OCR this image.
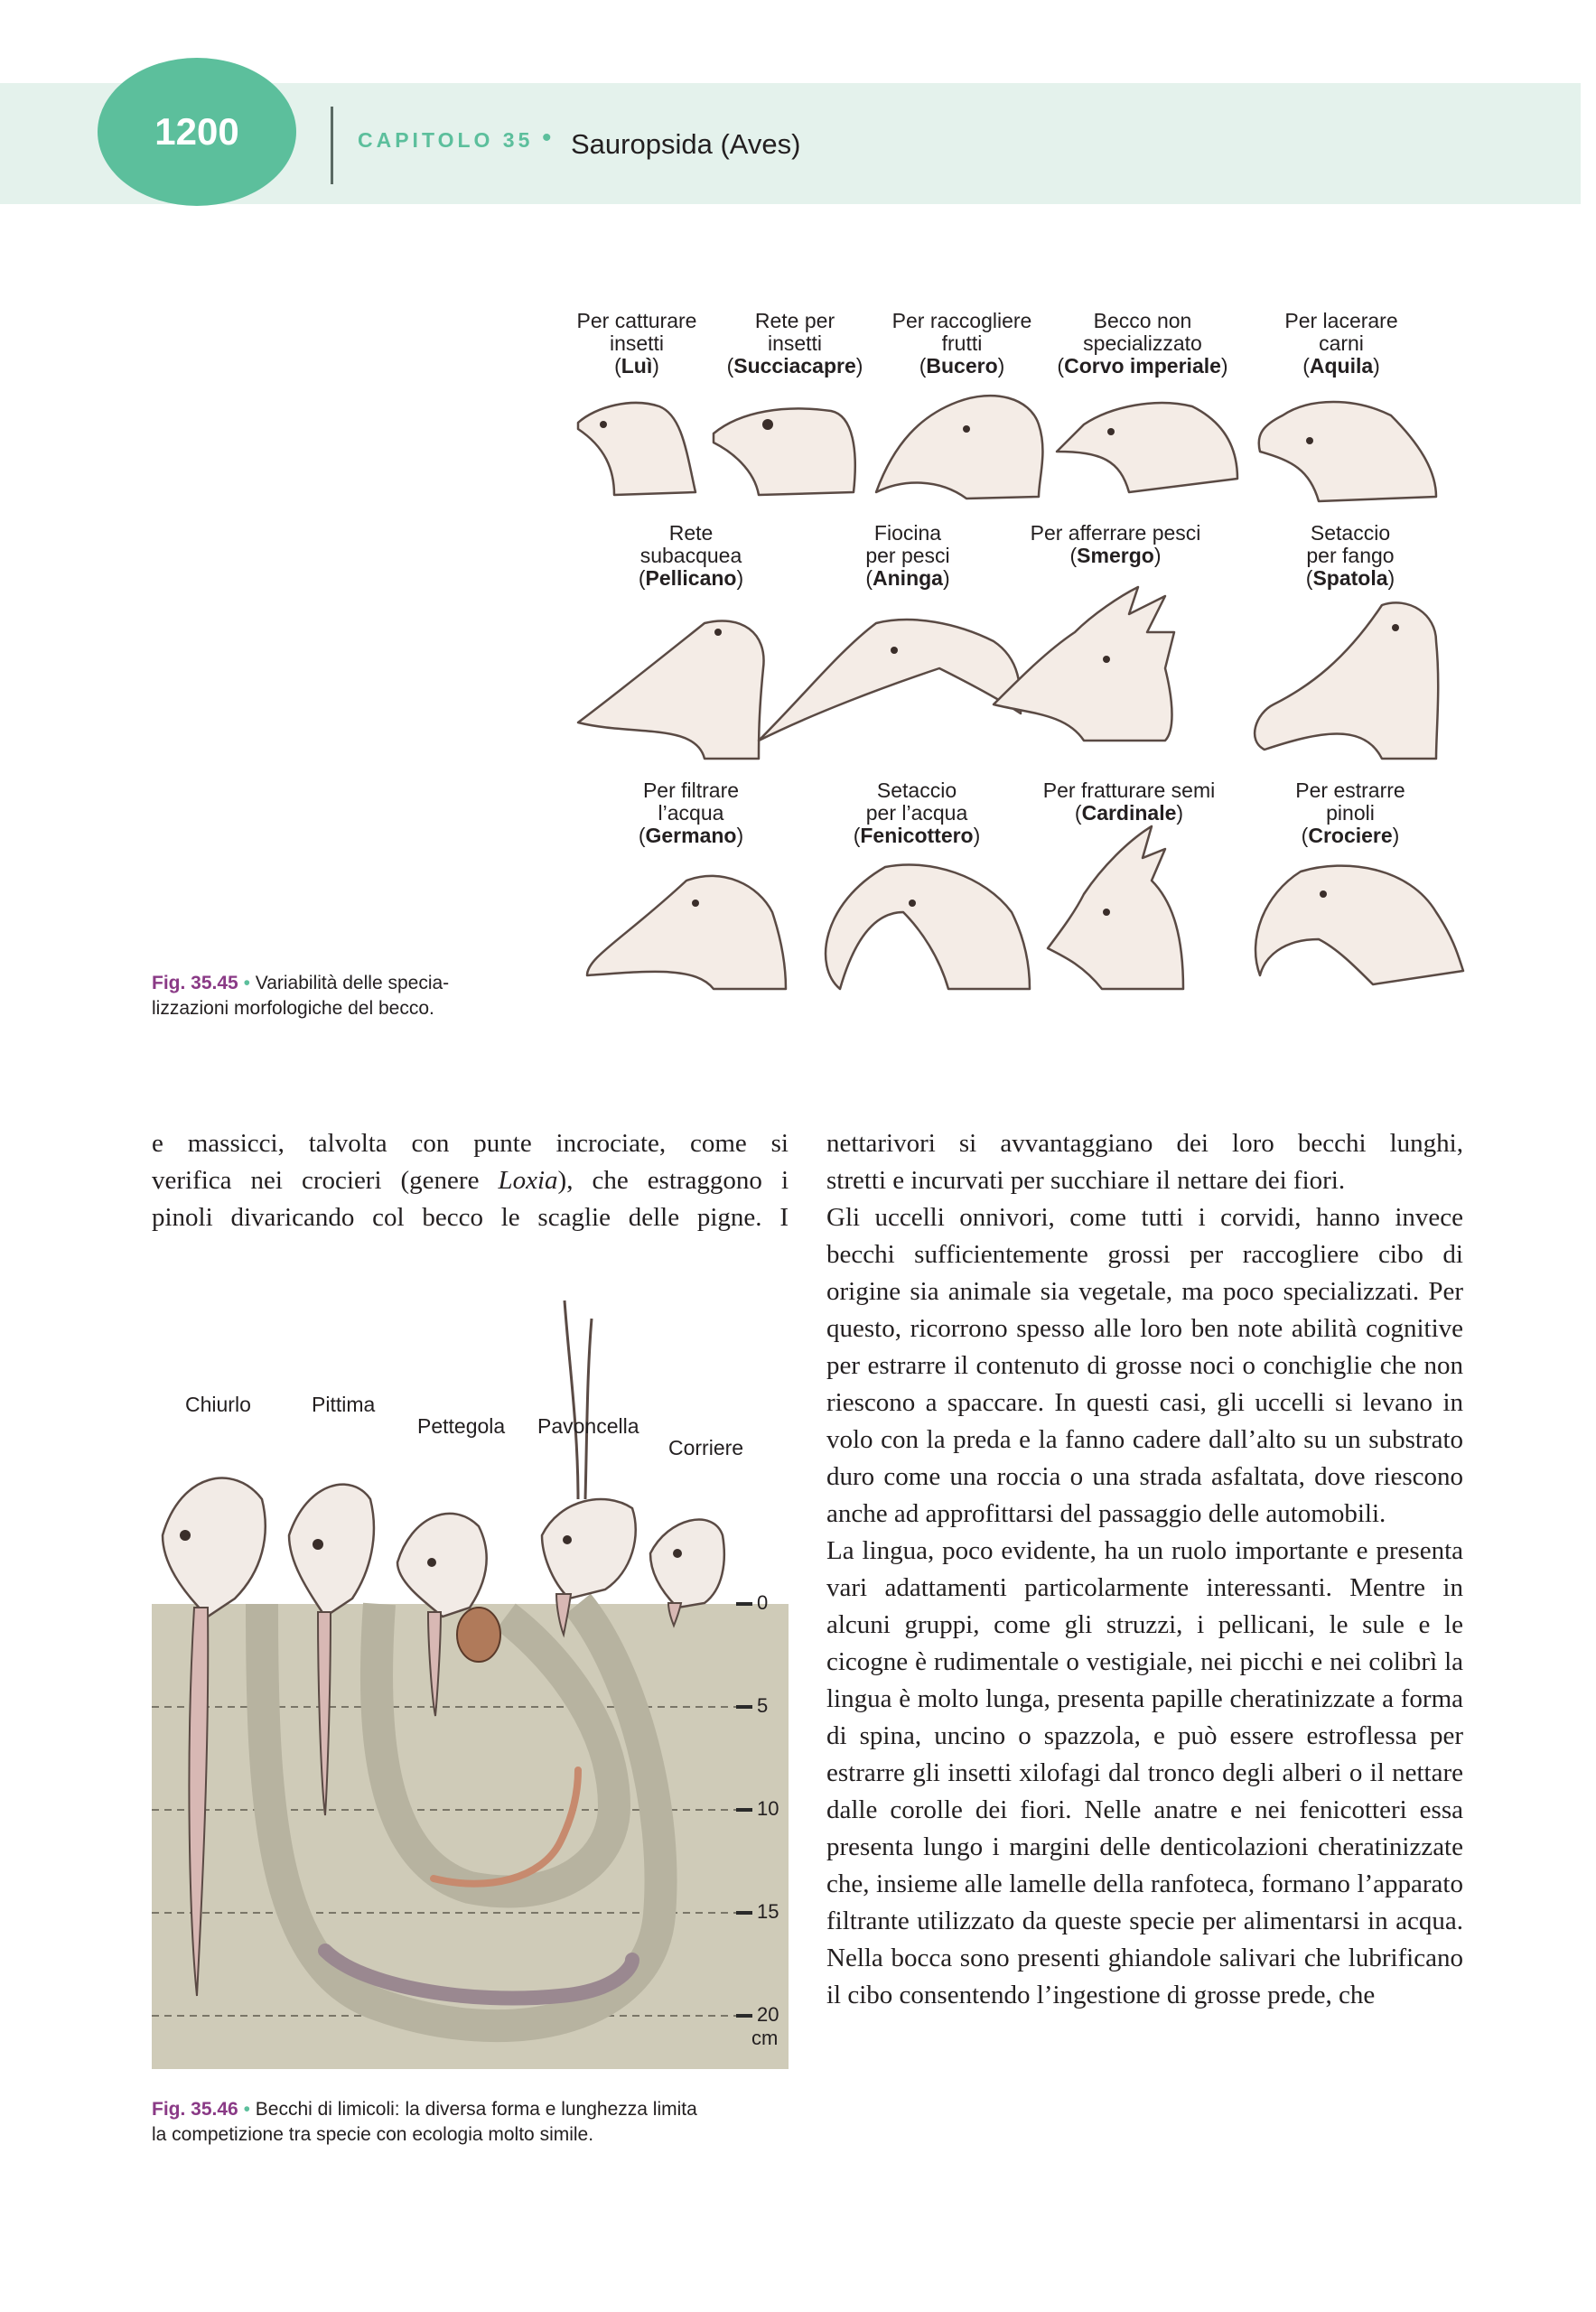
1200	CAPITOLO 35 • Sauropsida (Aves)
Per catturare
insetti
(Luì)
Rete per
insetti
(Succiacapre)
Per raccogliere
frutti
(Bucero)
Becco non
specializzato
(Corvo imperiale)
Per lacerare
carni
(Aquila)
Rete
subacquea
(Pellicano)
Fiocina
per pesci
(Aninga)
Per afferrare pesci
(Smergo)
Setaccio
per fango
(Spatola)
Per filtrare
l’acqua
(Germano)
Setaccio
per l’acqua
(Fenicottero)
Per fratturare semi
(Cardinale)
Per estrarre
pinoli
(Crociere)
Fig. 35.45 • Variabilità delle specia-
lizzazioni morfologiche del becco.

e massicci, talvolta con punte incrociate, come si

verifica nei crocieri (genere Loxia), che estraggono i

pinoli divaricando col becco le scaglie delle pigne. I

Chiurlo	Pittima
Pettegola Pavoncella
Corriere
0
5
10
15
20
cm
Fig. 35.46 • Becchi di limicoli: la diversa forma e lunghezza limita
la competizione tra specie con ecologia molto simile.

nettarivori si avvantaggiano dei loro becchi lunghi,

stretti e incurvati per succhiare il nettare dei fiori.

Gli uccelli onnivori, come tutti i corvidi, hanno invece becchi sufficientemente grossi per raccogliere cibo di origine sia animale sia vegetale, ma poco specializzati. Per questo, ricorrono spesso alle loro ben note abilità cognitive per estrarre il contenuto di grosse noci o conchiglie che non riescono a spaccare. In questi casi, gli uccelli si levano in volo con la preda e la fanno cadere dall’alto su un substrato duro come una roccia o una strada asfaltata, dove riescono anche ad approfittarsi del passaggio delle automobili.

La lingua, poco evidente, ha un ruolo importante e presenta vari adattamenti particolarmente interessanti. Mentre in alcuni gruppi, come gli struzzi, i pellicani, le sule e le cicogne è rudimentale o vestigiale, nei picchi e nei colibrì la lingua è molto lunga, presenta papille cheratinizzate a forma di spina, uncino o spazzola, e può essere estroflessa per estrarre gli insetti xilofagi dal tronco degli alberi o il nettare dalle corolle dei fiori. Nelle anatre e nei fenicotteri essa presenta lungo i margini delle denticolazioni cheratinizzate che, insieme alle lamelle della ranfoteca, formano l’apparato filtrante utilizzato da queste specie per alimentarsi in acqua. Nella bocca sono presenti ghiandole salivari che lubrificano il cibo consentendo l’ingestione di grosse prede, che
